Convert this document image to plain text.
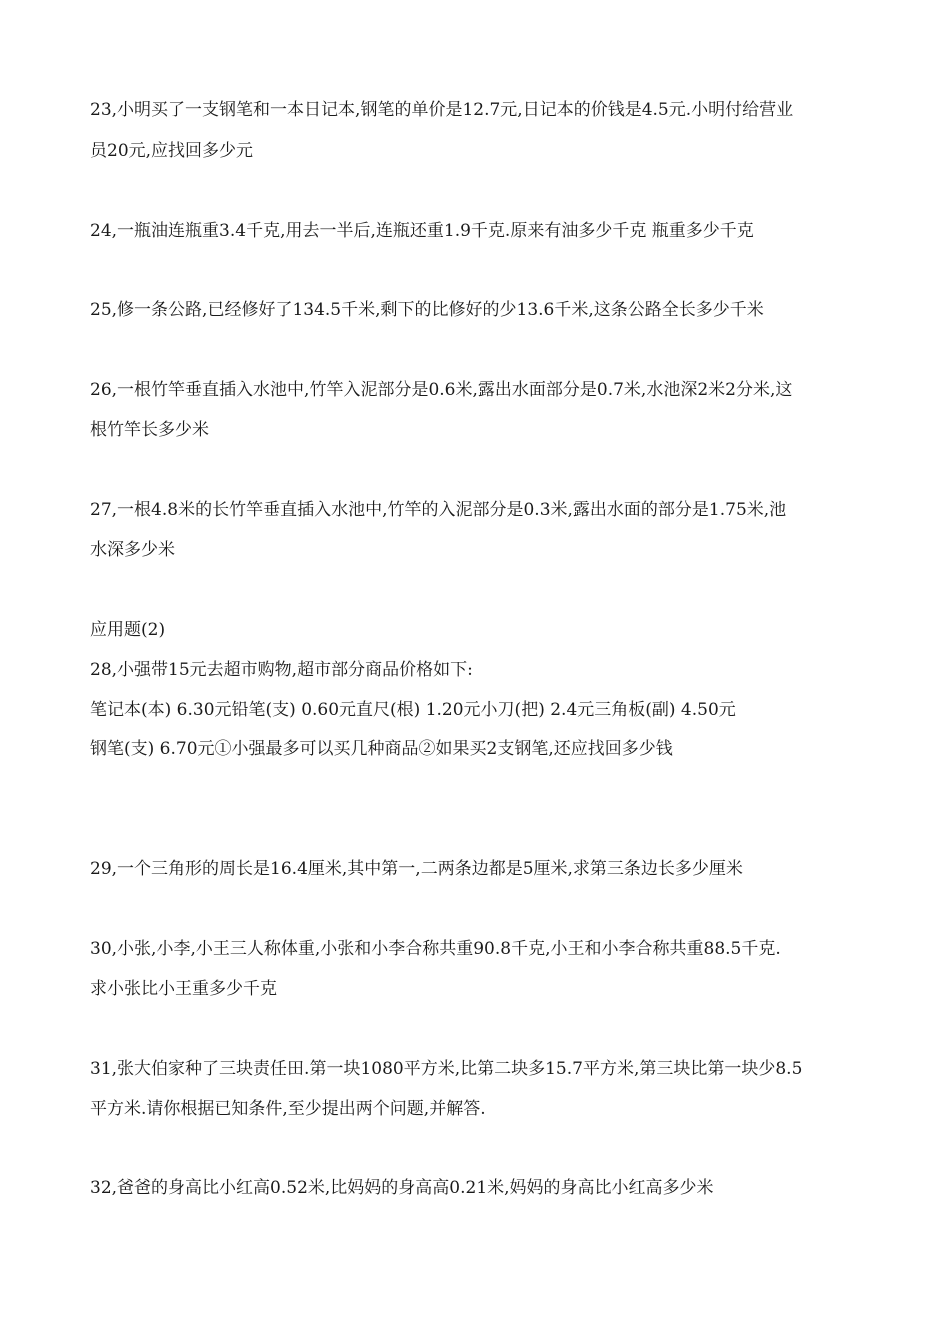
23,小明买了一支钢笔和一本日记本,钢笔的单价是12.7元,日记本的价钱是4.5元.小明付给营业
员20元,应找回多少元
24,一瓶油连瓶重3.4千克,用去一半后,连瓶还重1.9千克.原来有油多少千克 瓶重多少千克
25,修一条公路,已经修好了134.5千米,剩下的比修好的少13.6千米,这条公路全长多少千米
26,一根竹竿垂直插入水池中,竹竿入泥部分是0.6米,露出水面部分是0.7米,水池深2米2分米,这
根竹竿长多少米
27,一根4.8米的长竹竿垂直插入水池中,竹竿的入泥部分是0.3米,露出水面的部分是1.75米,池
水深多少米
应用题(2)
28,小强带15元去超市购物,超市部分商品价格如下:
笔记本(本) 6.30元铅笔(支) 0.60元直尺(根) 1.20元小刀(把) 2.4元三角板(副) 4.50元
钢笔(支) 6.70元①小强最多可以买几种商品②如果买2支钢笔,还应找回多少钱
29,一个三角形的周长是16.4厘米,其中第一,二两条边都是5厘米,求第三条边长多少厘米
30,小张,小李,小王三人称体重,小张和小李合称共重90.8千克,小王和小李合称共重88.5千克.
求小张比小王重多少千克
31,张大伯家种了三块责任田.第一块1080平方米,比第二块多15.7平方米,第三块比第一块少8.5
平方米.请你根据已知条件,至少提出两个问题,并解答.
32,爸爸的身高比小红高0.52米,比妈妈的身高高0.21米,妈妈的身高比小红高多少米
